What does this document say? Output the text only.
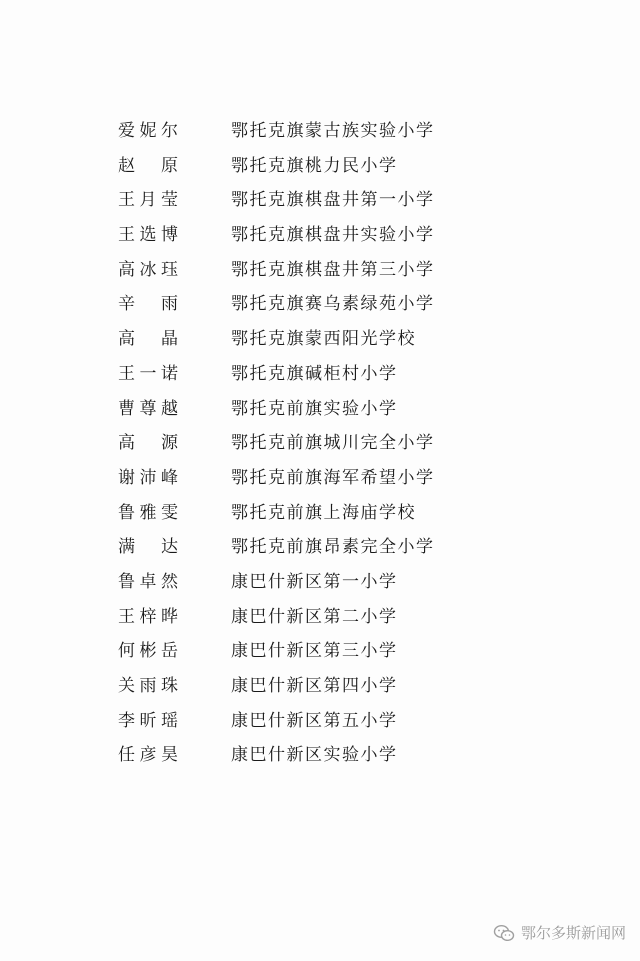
爱 妮 尔	鄂托克旗蒙古族实验小学
赵 原	鄂托克旗桃力民小学
王 月 莹	鄂托克旗棋盘井第一小学
王 选 博	鄂托克旗棋盘井实验小学
高 冰 珏	鄂托克旗棋盘井第三小学
辛 雨	鄂托克旗赛乌素绿苑小学
高 晶	鄂托克旗蒙西阳光学校
王 一 诺	鄂托克旗碱柜村小学
曹 尊 越	鄂托克前旗实验小学
高 源	鄂托克前旗城川完全小学
谢 沛 峰	鄂托克前旗海军希望小学
鲁 雅 雯	鄂托克前旗上海庙学校
满 达	鄂托克前旗昂素完全小学
鲁 卓 然	康巴什新区第一小学
王 梓 晔	康巴什新区第二小学
何 彬 岳	康巴什新区第三小学
关 雨 珠	康巴什新区第四小学
李 昕 瑶	康巴什新区第五小学
任 彦 昊	康巴什新区实验小学
鄂尔多斯新闻网
